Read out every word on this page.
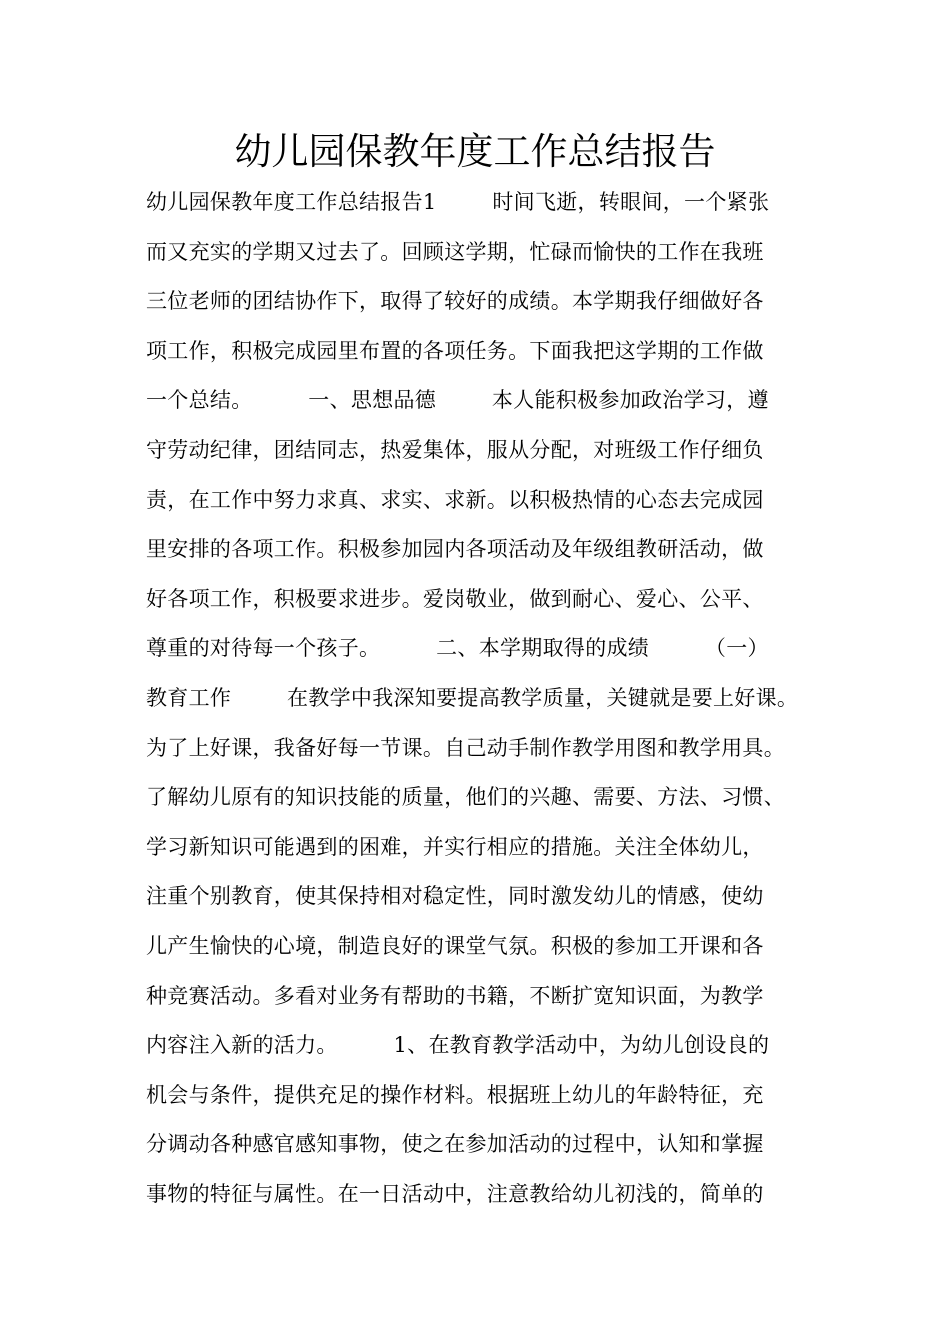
幼儿园保教年度工作总结报告
幼儿园保教年度工作总结报告1        时间飞逝，转眼间，一个紧张
而又充实的学期又过去了。回顾这学期，忙碌而愉快的工作在我班
三位老师的团结协作下，取得了较好的成绩。本学期我仔细做好各
项工作，积极完成园里布置的各项任务。下面我把这学期的工作做
一个总结。        一、思想品德        本人能积极参加政治学习，遵
守劳动纪律，团结同志，热爱集体，服从分配，对班级工作仔细负
责，在工作中努力求真、求实、求新。以积极热情的心态去完成园
里安排的各项工作。积极参加园内各项活动及年级组教研活动，做
好各项工作，积极要求进步。爱岗敬业，做到耐心、爱心、公平、
尊重的对待每一个孩子。        二、本学期取得的成绩        （一）
教育工作        在教学中我深知要提高教学质量，关键就是要上好课。
为了上好课，我备好每一节课。自己动手制作教学用图和教学用具。
了解幼儿原有的知识技能的质量，他们的兴趣、需要、方法、习惯、
学习新知识可能遇到的困难，并实行相应的措施。关注全体幼儿，
注重个别教育，使其保持相对稳定性，同时激发幼儿的情感，使幼
儿产生愉快的心境，制造良好的课堂气氛。积极的参加工开课和各
种竞赛活动。多看对业务有帮助的书籍，不断扩宽知识面，为教学
内容注入新的活力。        1、在教育教学活动中，为幼儿创设良的
机会与条件，提供充足的操作材料。根据班上幼儿的年龄特征，充
分调动各种感官感知事物，使之在参加活动的过程中，认知和掌握
事物的特征与属性。在一日活动中，注意教给幼儿初浅的，简单的
